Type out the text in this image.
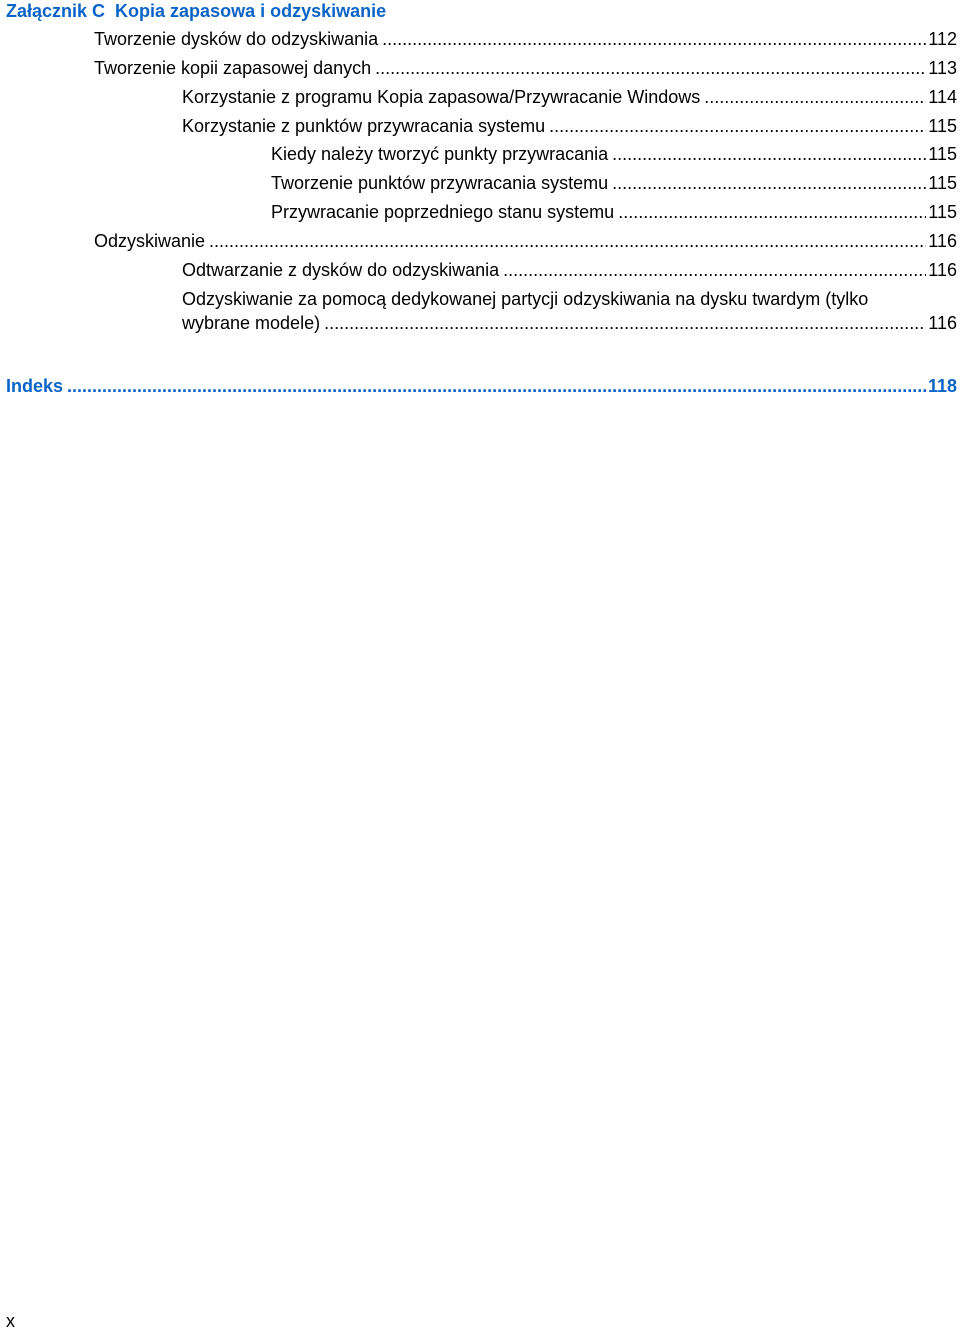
Załącznik C Kopia zapasowa i odzyskiwanie
Tworzenie dysków do odzyskiwania .....	112
Tworzenie kopii zapasowej danych .....	113
Korzystanie z programu Kopia zapasowa/Przywracanie Windows .....	114
Korzystanie z punktów przywracania systemu .....	115
Kiedy należy tworzyć punkty przywracania .....	115
Tworzenie punktów przywracania systemu .....	115
Przywracanie poprzedniego stanu systemu .....	115
Odzyskiwanie .....	116
Odtwarzanie z dysków do odzyskiwania .....	116
Odzyskiwanie za pomocą dedykowanej partycji odzyskiwania na dysku twardym (tylko
wybrane modele) .....	116
Indeks .....	118
x
